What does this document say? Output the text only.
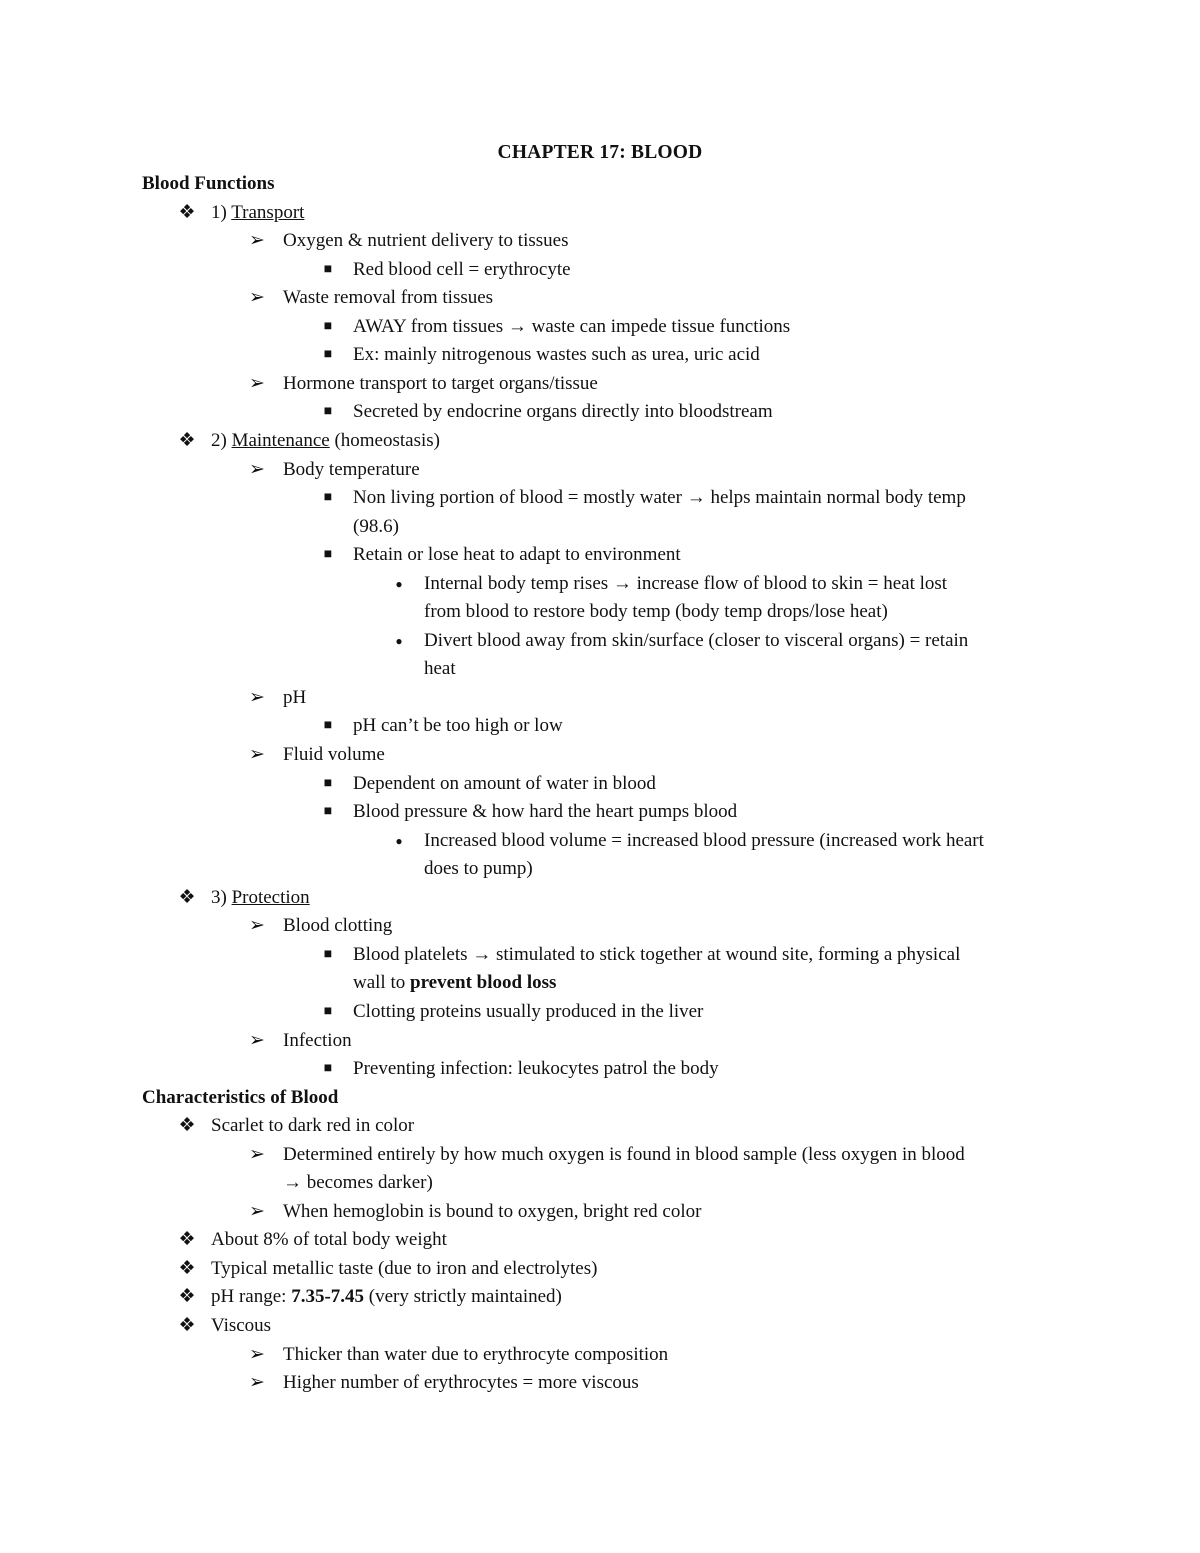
CHAPTER 17: BLOOD
Blood Functions
❖ 1) Transport
➢ Oxygen & nutrient delivery to tissues
■	Red blood cell = erythrocyte
➢ Waste removal from tissues
■	AWAY from tissues → waste can impede tissue functions
■	Ex: mainly nitrogenous wastes such as urea, uric acid
➢ Hormone transport to target organs/tissue
■	Secreted by endocrine organs directly into bloodstream
❖ 2) Maintenance (homeostasis)
➢ Body temperature
■	Non living portion of blood = mostly water → helps maintain normal body temp
(98.6)
■	Retain or lose heat to adapt to environment
●	Internal body temp rises → increase flow of blood to skin = heat lost
from blood to restore body temp (body temp drops/lose heat)
●	Divert blood away from skin/surface (closer to visceral organs) = retain
heat
➢ pH
■	pH can’t be too high or low
➢ Fluid volume
■	Dependent on amount of water in blood
■	Blood pressure & how hard the heart pumps blood
●	Increased blood volume = increased blood pressure (increased work heart
does to pump)
❖ 3) Protection
➢ Blood clotting
■	Blood platelets → stimulated to stick together at wound site, forming a physical
wall to prevent blood loss
■	Clotting proteins usually produced in the liver
➢ Infection
■	Preventing infection: leukocytes patrol the body
Characteristics of Blood
❖ Scarlet to dark red in color
➢ Determined entirely by how much oxygen is found in blood sample (less oxygen in blood
→ becomes darker)
➢ When hemoglobin is bound to oxygen, bright red color
❖ About 8% of total body weight
❖ Typical metallic taste (due to iron and electrolytes)
❖ pH range: 7.35-7.45 (very strictly maintained)
❖ Viscous
➢ Thicker than water due to erythrocyte composition
➢ Higher number of erythrocytes = more viscous
